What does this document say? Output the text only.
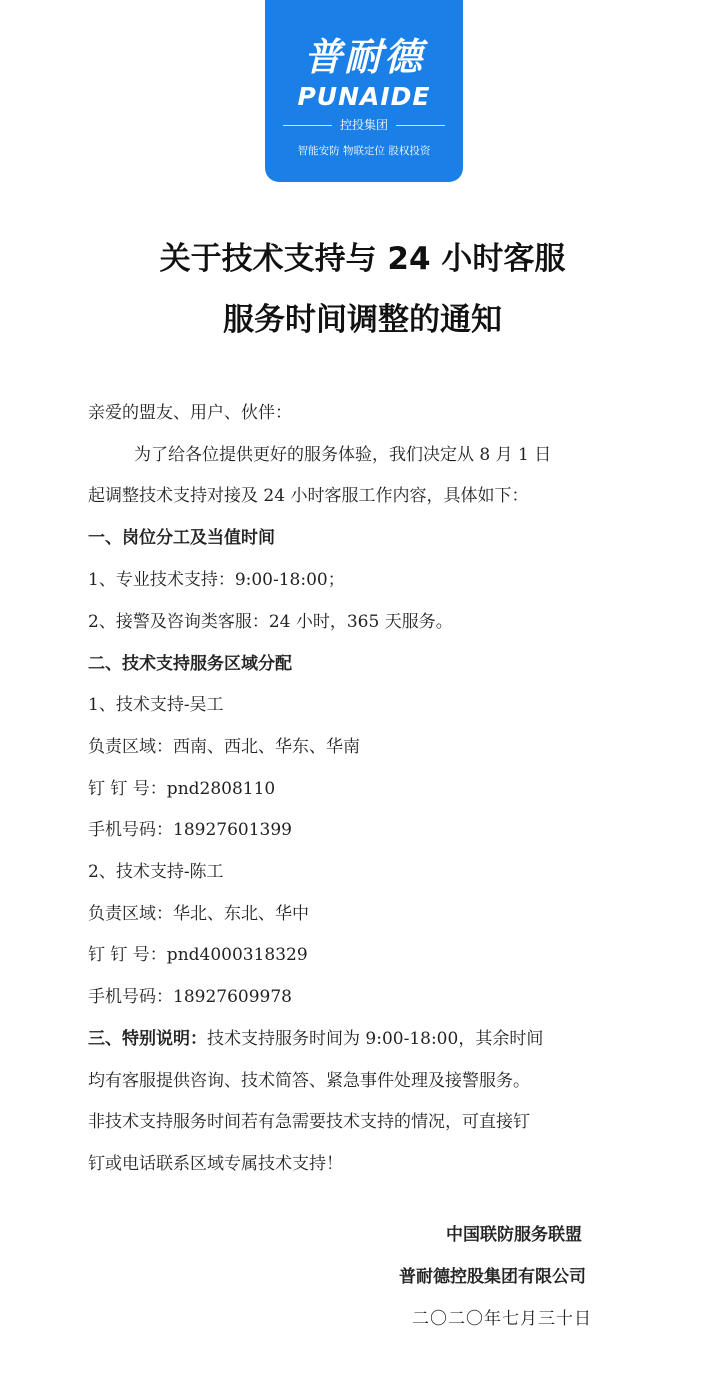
普耐德
PUNAIDE
控投集团
智能安防 物联定位 股权投资
关于技术支持与 24 小时客服
服务时间调整的通知
亲爱的盟友、用户、伙伴：
为了给各位提供更好的服务体验，我们决定从 8 月 1 日
起调整技术支持对接及 24 小时客服工作内容，具体如下：
一、岗位分工及当值时间
1、专业技术支持：9:00-18:00；
2、接警及咨询类客服：24 小时，365 天服务。
二、技术支持服务区域分配
1、技术支持-吴工
负责区域：西南、西北、华东、华南
钉 钉 号：pnd2808110
手机号码：18927601399
2、技术支持-陈工
负责区域：华北、东北、华中
钉 钉 号：pnd4000318329
手机号码：18927609978
三、特别说明：技术支持服务时间为 9:00-18:00，其余时间
均有客服提供咨询、技术简答、紧急事件处理及接警服务。
非技术支持服务时间若有急需要技术支持的情况，可直接钉
钉或电话联系区域专属技术支持！
中国联防服务联盟
普耐德控股集团有限公司
二〇二〇年七月三十日
